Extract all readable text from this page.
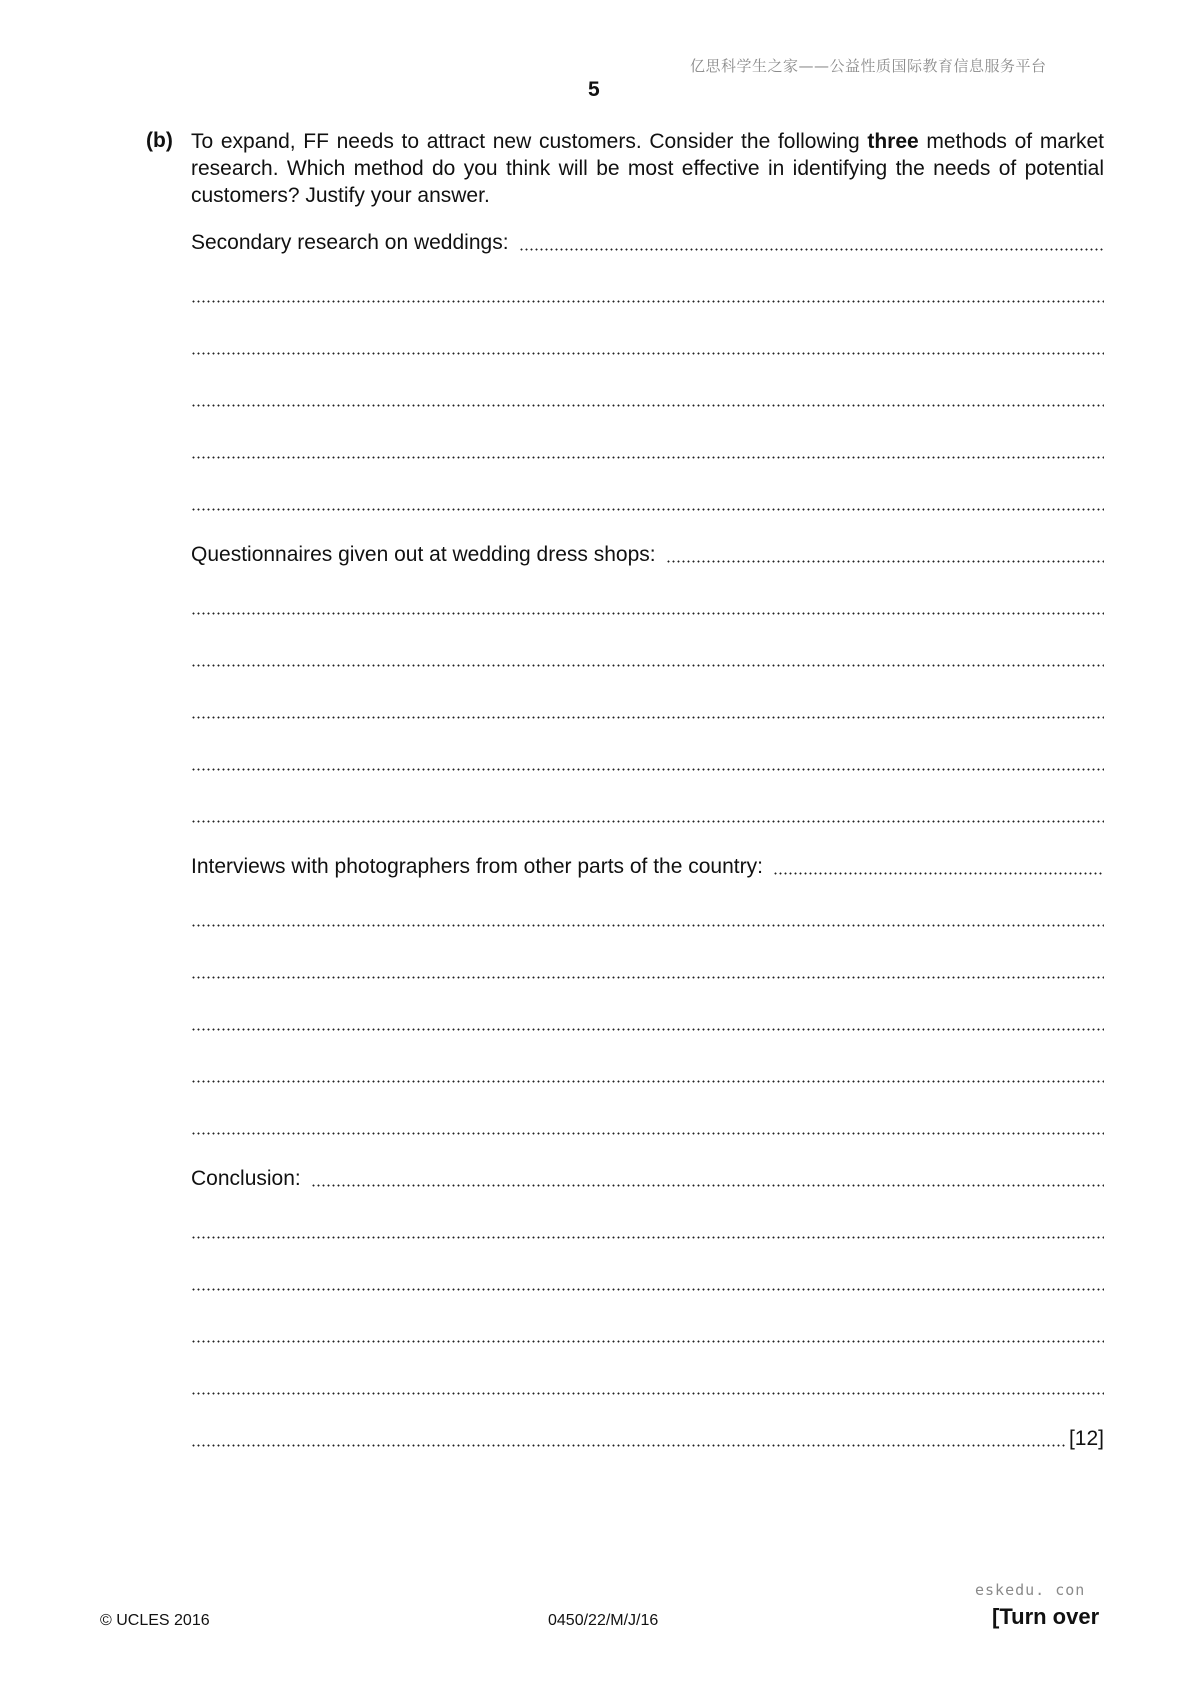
亿思科学生之家——公益性质国际教育信息服务平台
5
(b) To expand, FF needs to attract new customers. Consider the following three methods of market research. Which method do you think will be most effective in identifying the needs of potential customers? Justify your answer.
Secondary research on weddings:
Questionnaires given out at wedding dress shops:
Interviews with photographers from other parts of the country:
Conclusion:
[12]
eskedu. con
© UCLES 2016	0450/22/M/J/16	[Turn over
